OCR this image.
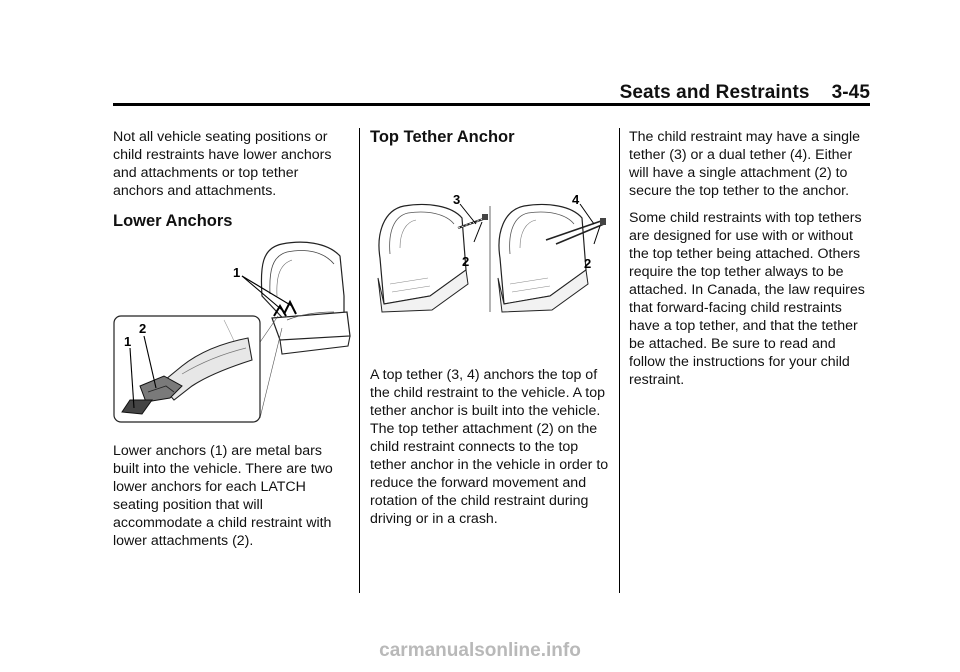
Seats and Restraints 3-45

Not all vehicle seating positions or child restraints have lower anchors and attachments or top tether anchors and attachments.

Lower Anchors
1
1
2

Lower anchors (1) are metal bars built into the vehicle. There are two lower anchors for each LATCH seating position that will accommodate a child restraint with lower attachments (2).

Top Tether Anchor
3	4
2	2

A top tether (3, 4) anchors the top of the child restraint to the vehicle. A top tether anchor is built into the vehicle. The top tether attachment (2) on the child restraint connects to the top tether anchor in the vehicle in order to reduce the forward movement and rotation of the child restraint during driving or in a crash.

The child restraint may have a single tether (3) or a dual tether (4). Either will have a single attachment (2) to secure the top tether to the anchor.

Some child restraints with top tethers are designed for use with or without the top tether being attached. Others require the top tether always to be attached. In Canada, the law requires that forward-facing child restraints have a top tether, and that the tether be attached. Be sure to read and follow the instructions for your child restraint.

carmanualsonline.info
